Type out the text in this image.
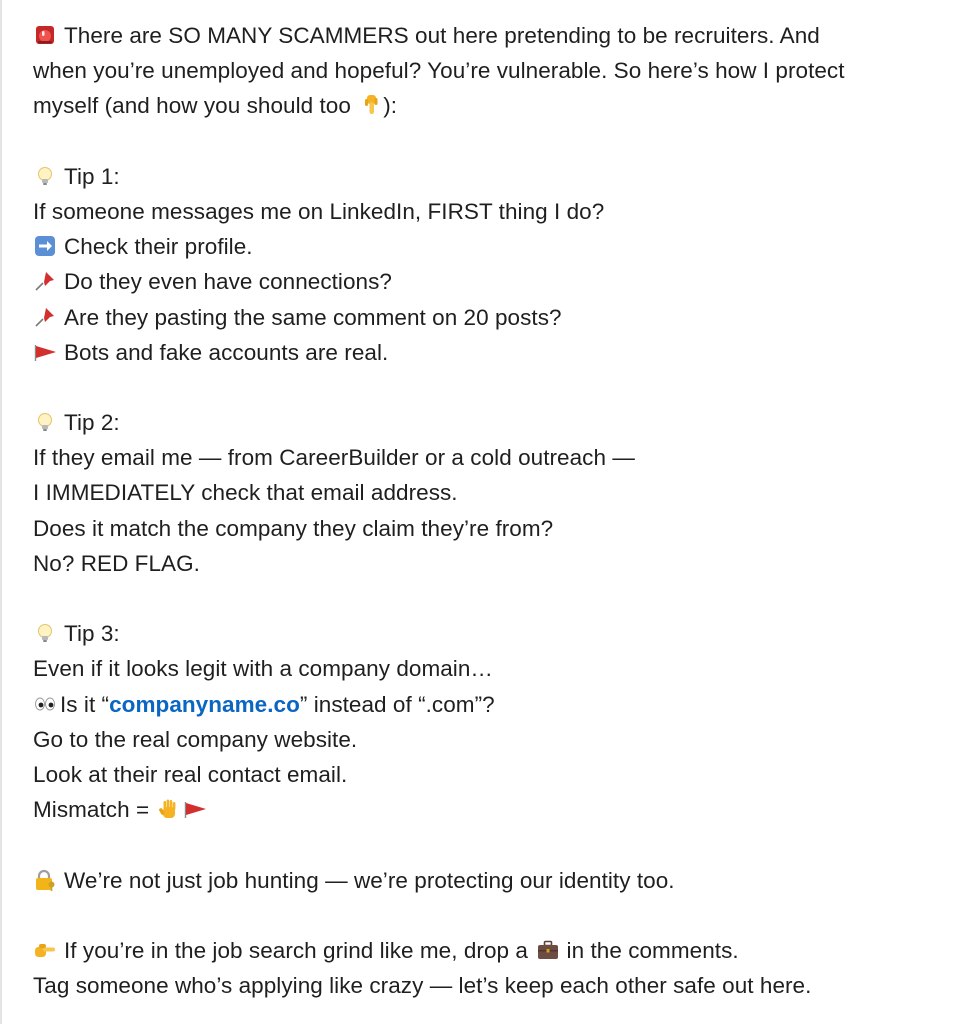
There are SO MANY SCAMMERS out here pretending to be recruiters. And
when you’re unemployed and hopeful? You’re vulnerable. So here’s how I protect
myself (and how you should too
):
Tip 1:
If someone messages me on LinkedIn, FIRST thing I do?
Check their profile.
Do they even have connections?
Are they pasting the same comment on 20 posts?
Bots and fake accounts are real.
Tip 2:
If they email me — from CareerBuilder or a cold outreach —
I IMMEDIATELY check that email address.
Does it match the company they claim they’re from?
No? RED FLAG.
Tip 3:
Even if it looks legit with a company domain…
Is it “companyname.co” instead of “.com”?
Go to the real company website.
Look at their real contact email.
Mismatch =
We’re not just job hunting — we’re protecting our identity too.
If you’re in the job search grind like me, drop a
in the comments.
Tag someone who’s applying like crazy — let’s keep each other safe out here.
